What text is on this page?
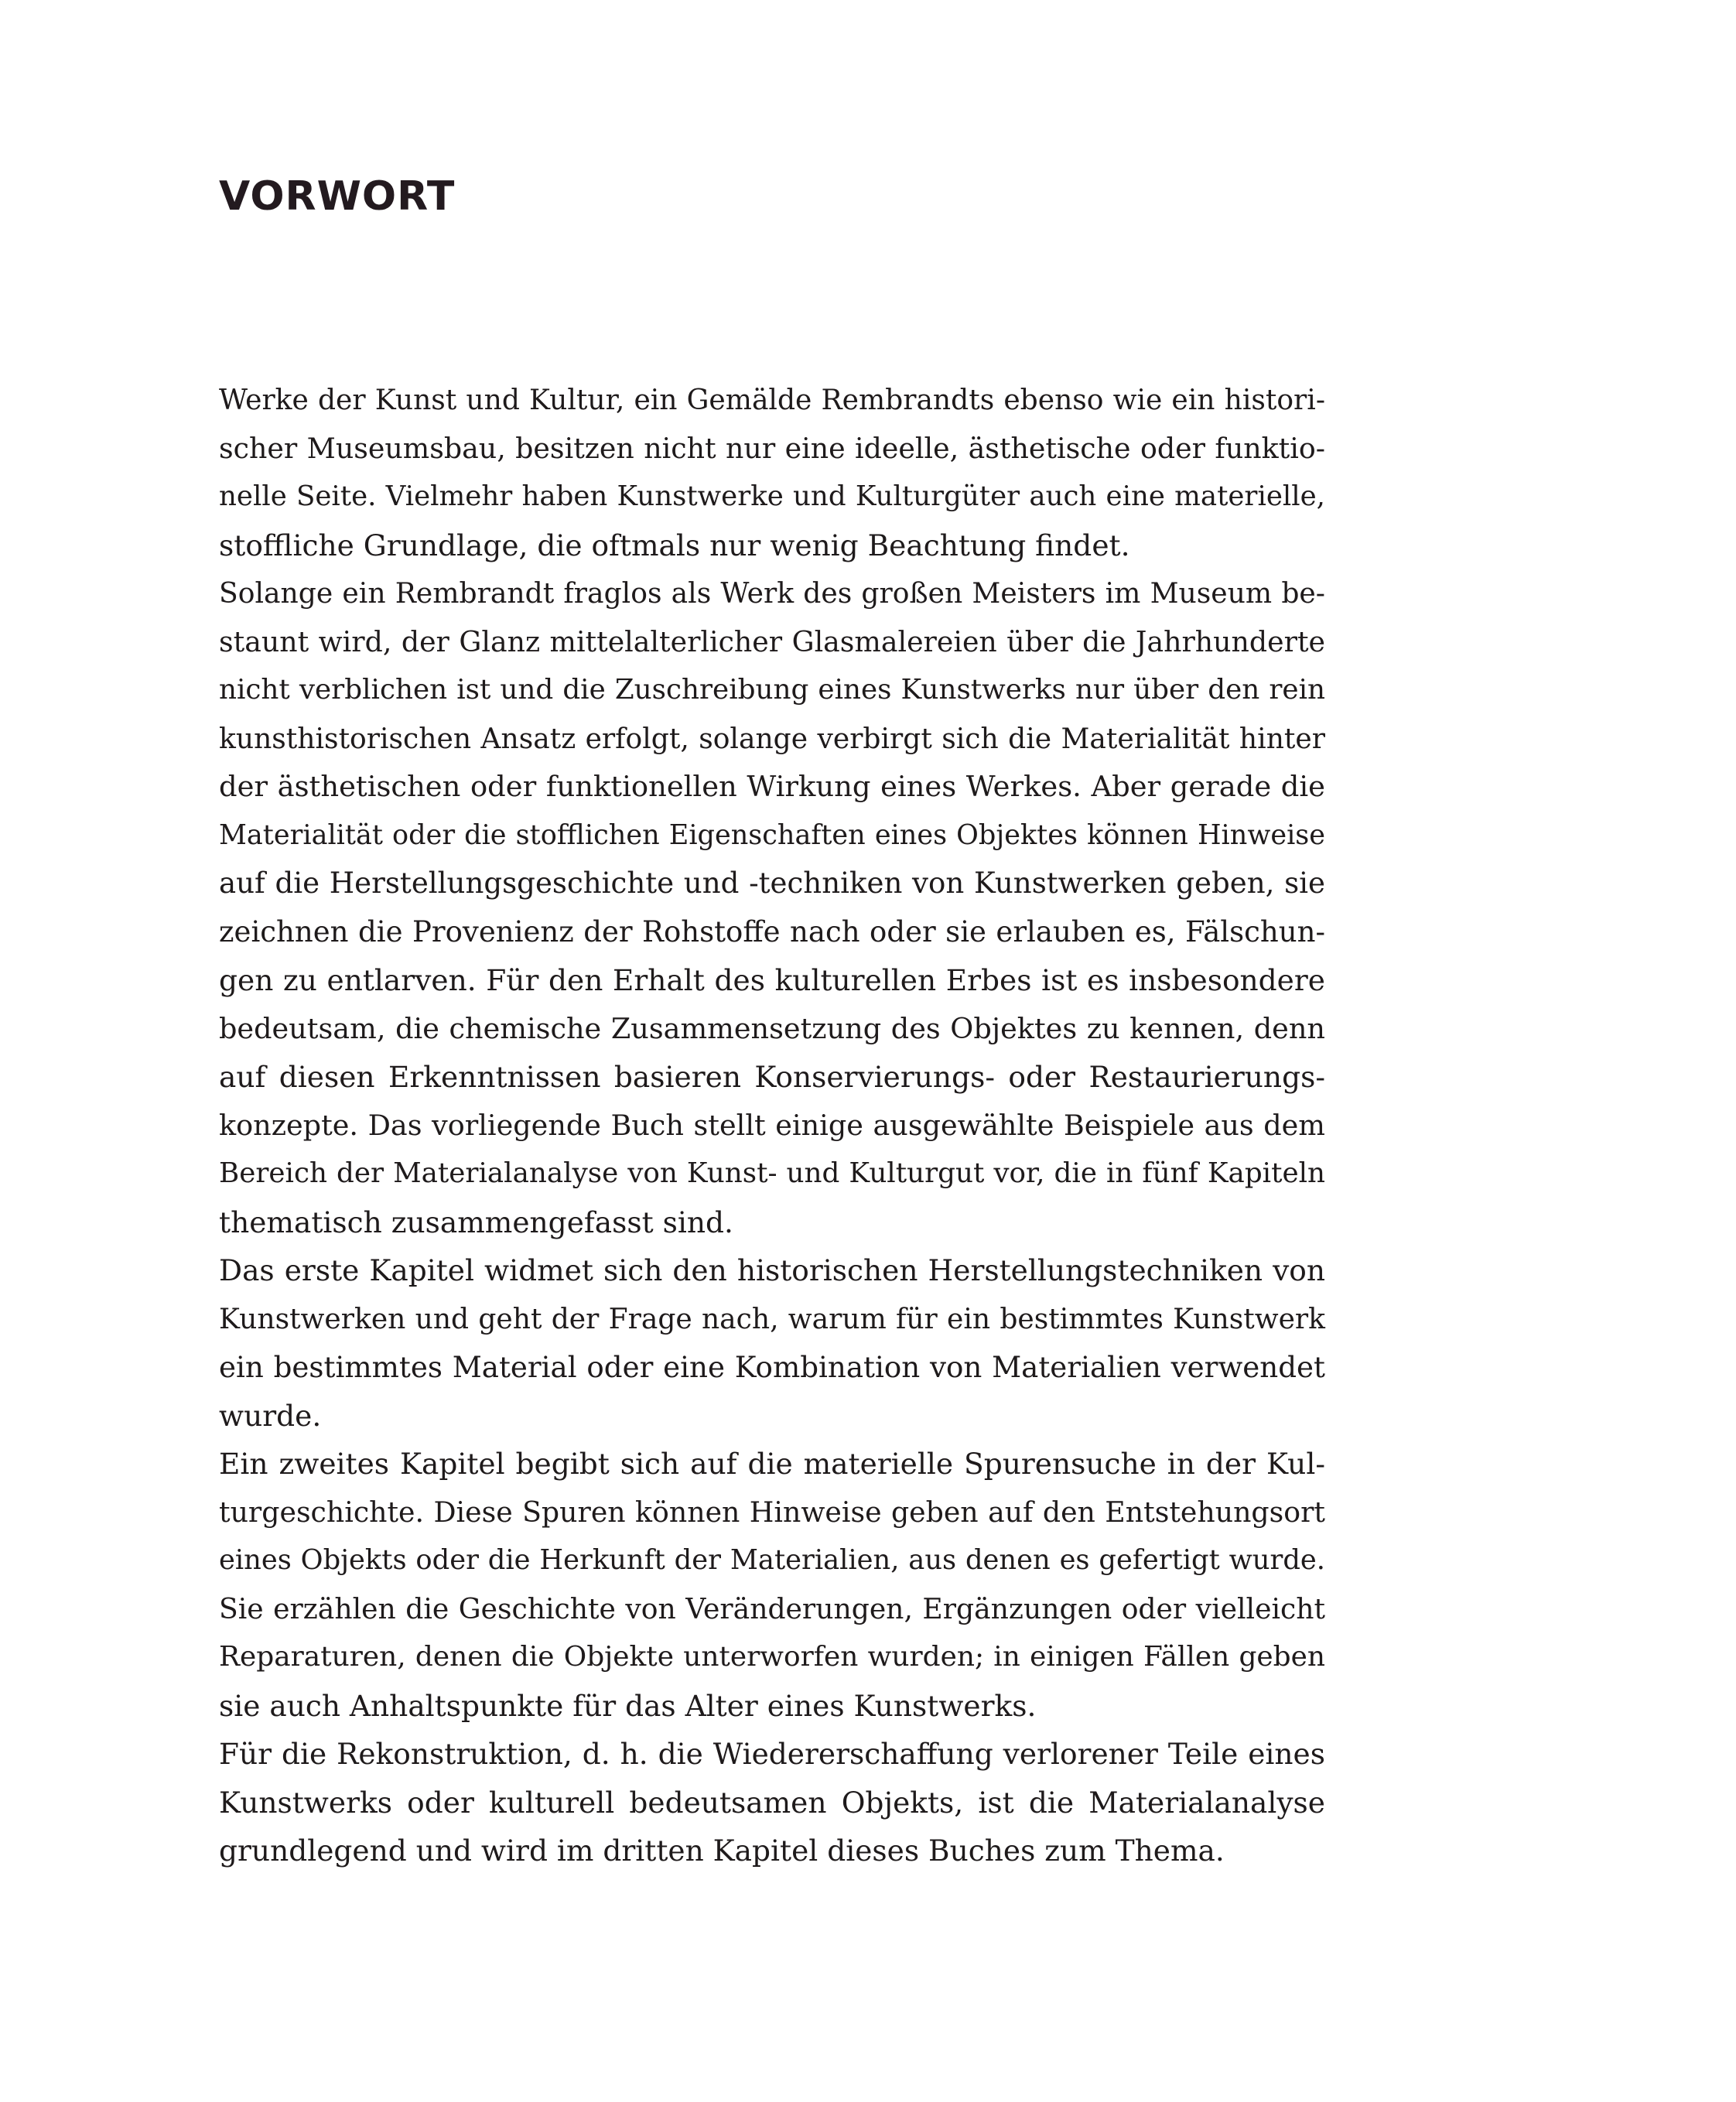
VORWORT
Werke der Kunst und Kultur, ein Gemälde Rembrandts ebenso wie ein histori-
scher Museumsbau, besitzen nicht nur eine ideelle, ästhetische oder funktio-
nelle Seite. Vielmehr haben Kunstwerke und Kulturgüter auch eine materielle,
stoffliche Grundlage, die oftmals nur wenig Beachtung findet.
Solange ein Rembrandt fraglos als Werk des großen Meisters im Museum be-
staunt wird, der Glanz mittelalterlicher Glasmalereien über die Jahrhunderte
nicht verblichen ist und die Zuschreibung eines Kunstwerks nur über den rein
kunsthistorischen Ansatz erfolgt, solange verbirgt sich die Materialität hinter
der ästhetischen oder funktionellen Wirkung eines Werkes. Aber gerade die
Materialität oder die stofflichen Eigenschaften eines Objektes können Hinweise
auf die Herstellungsgeschichte und -techniken von Kunstwerken geben, sie
zeichnen die Provenienz der Rohstoffe nach oder sie erlauben es, Fälschun-
gen zu entlarven. Für den Erhalt des kulturellen Erbes ist es insbesondere
bedeutsam, die chemische Zusammensetzung des Objektes zu kennen, denn
auf diesen Erkenntnissen basieren Konservierungs- oder Restaurierungs-
konzepte. Das vorliegende Buch stellt einige ausgewählte Beispiele aus dem
Bereich der Materialanalyse von Kunst- und Kulturgut vor, die in fünf Kapiteln
thematisch zusammengefasst sind.
Das erste Kapitel widmet sich den historischen Herstellungstechniken von
Kunstwerken und geht der Frage nach, warum für ein bestimmtes Kunstwerk
ein bestimmtes Material oder eine Kombination von Materialien verwendet
wurde.
Ein zweites Kapitel begibt sich auf die materielle Spurensuche in der Kul-
turgeschichte. Diese Spuren können Hinweise geben auf den Entstehungsort
eines Objekts oder die Herkunft der Materialien, aus denen es gefertigt wurde.
Sie erzählen die Geschichte von Veränderungen, Ergänzungen oder vielleicht
Reparaturen, denen die Objekte unterworfen wurden; in einigen Fällen geben
sie auch Anhaltspunkte für das Alter eines Kunstwerks.
Für die Rekonstruktion, d. h. die Wiedererschaffung verlorener Teile eines
Kunstwerks oder kulturell bedeutsamen Objekts, ist die Materialanalyse
grundlegend und wird im dritten Kapitel dieses Buches zum Thema.
